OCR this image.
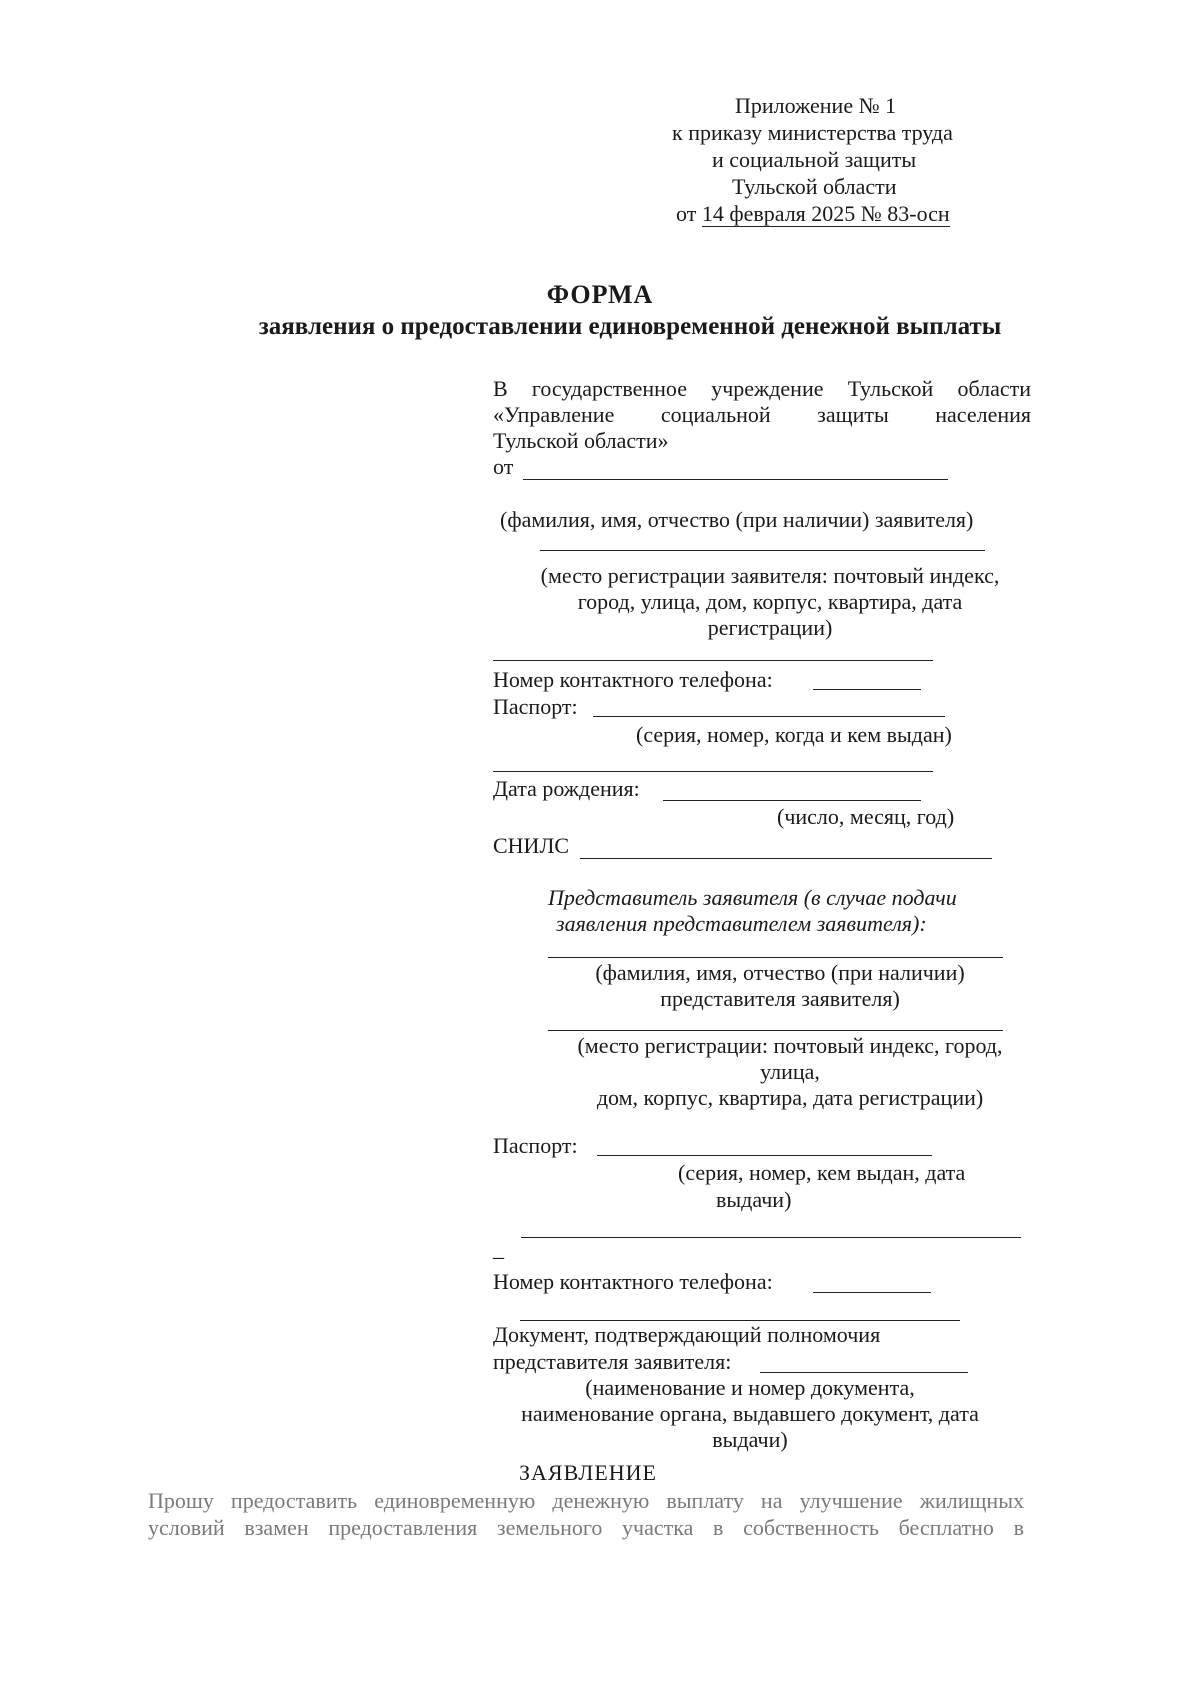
Приложение № 1
к приказу министерства труда
и социальной защиты
Тульской области
от 14 февраля 2025 № 83-осн
ФОРМА
заявления о предоставлении единовременной денежной выплаты
В государственное учреждение Тульской области
«Управление социальной защиты населения
Тульской области»
от
(фамилия, имя, отчество (при наличии) заявителя)
(место регистрации заявителя: почтовый индекс,
город, улица, дом, корпус, квартира, дата
регистрации)
Номер контактного телефона:
Паспорт:
(серия, номер, когда и кем выдан)
Дата рождения:
(число, месяц, год)
СНИЛС
Представитель заявителя (в случае подачи
заявления представителем заявителя):
(фамилия, имя, отчество (при наличии)
представителя заявителя)
(место регистрации: почтовый индекс, город,
улица,
дом, корпус, квартира, дата регистрации)
Паспорт:
(серия, номер, кем выдан, дата
выдачи)
_
Номер контактного телефона:
Документ, подтверждающий полномочия
представителя заявителя:
(наименование и номер документа,
наименование органа, выдавшего документ, дата
выдачи)
ЗАЯВЛЕНИЕ
Прошу предоставить единовременную денежную выплату на улучшение жилищных
условий взамен предоставления земельного участка в собственность бесплатно в
